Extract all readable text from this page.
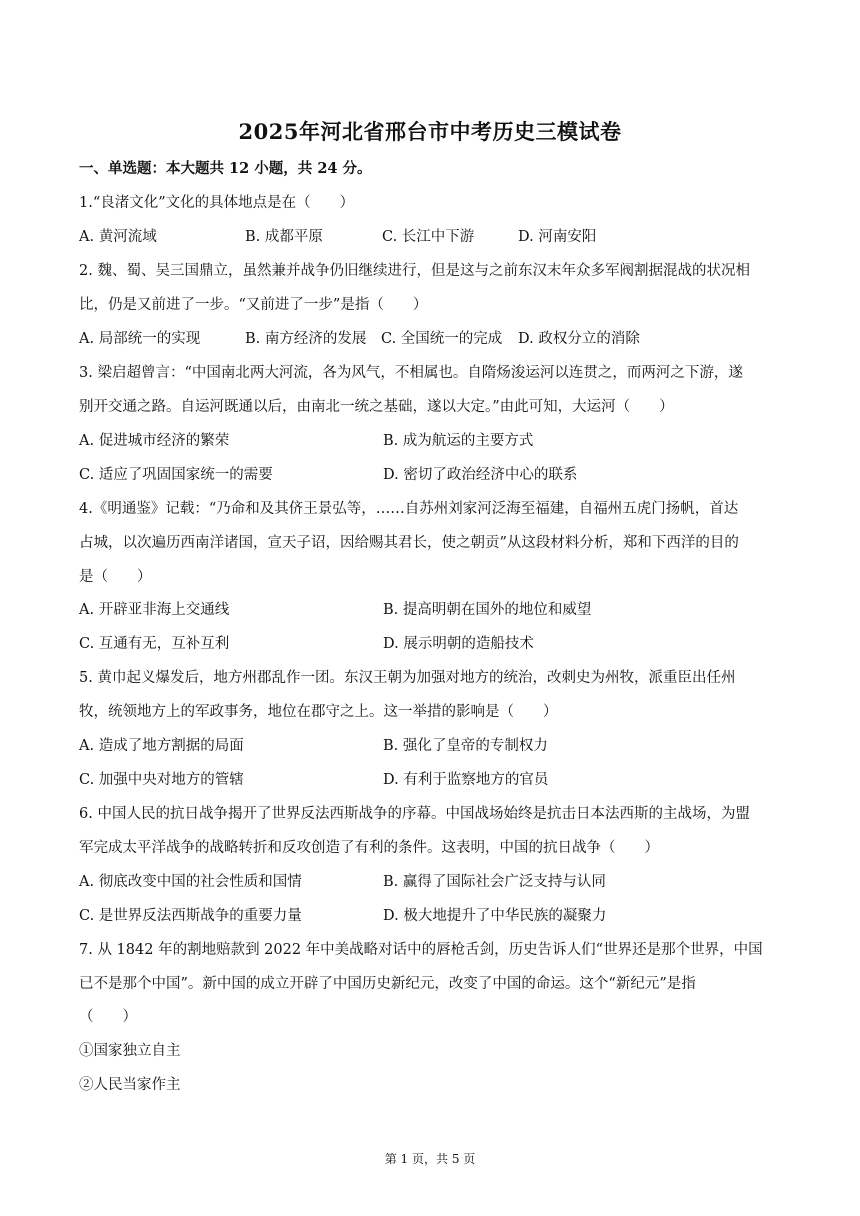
2025年河北省邢台市中考历史三模试卷
一、单选题：本大题共 12 小题，共 24 分。
1.“良渚文化”文化的具体地点是在（　　）
A. 黄河流域	B. 成都平原	C. 长江中下游	D. 河南安阳
2. 魏、蜀、吴三国鼎立，虽然兼并战争仍旧继续进行，但是这与之前东汉末年众多军阀割据混战的状况相
比，仍是又前进了一步。“又前进了一步”是指（　　）
A. 局部统一的实现	B. 南方经济的发展 C. 全国统一的完成 D. 政权分立的消除
3. 梁启超曾言：“中国南北两大河流，各为风气，不相属也。自隋炀浚运河以连贯之，而两河之下游，遂
别开交通之路。自运河既通以后，由南北一统之基础，遂以大定。”由此可知，大运河（　　）
A. 促进城市经济的繁荣	B. 成为航运的主要方式
C. 适应了巩固国家统一的需要	D. 密切了政治经济中心的联系
4.《明通鉴》记载：“乃命和及其侪王景弘等，……自苏州刘家河泛海至福建，自福州五虎门扬帆，首达
占城，以次遍历西南洋诸国，宣天子诏，因给赐其君长，使之朝贡”从这段材料分析，郑和下西洋的目的
是（　　）
A. 开辟亚非海上交通线	B. 提高明朝在国外的地位和威望
C. 互通有无，互补互利	D. 展示明朝的造船技术
5. 黄巾起义爆发后，地方州郡乱作一团。东汉王朝为加强对地方的统治，改刺史为州牧，派重臣出任州
牧，统领地方上的军政事务，地位在郡守之上。这一举措的影响是（　　）
A. 造成了地方割据的局面	B. 强化了皇帝的专制权力
C. 加强中央对地方的管辖	D. 有利于监察地方的官员
6. 中国人民的抗日战争揭开了世界反法西斯战争的序幕。中国战场始终是抗击日本法西斯的主战场，为盟
军完成太平洋战争的战略转折和反攻创造了有利的条件。这表明，中国的抗日战争（　　）
A. 彻底改变中国的社会性质和国情	B. 赢得了国际社会广泛支持与认同
C. 是世界反法西斯战争的重要力量	D. 极大地提升了中华民族的凝聚力
7. 从 1842 年的割地赔款到 2022 年中美战略对话中的唇枪舌剑，历史告诉人们“世界还是那个世界，中国
已不是那个中国”。新中国的成立开辟了中国历史新纪元，改变了中国的命运。这个“新纪元”是指
（　　）
①国家独立自主
②人民当家作主
第 1 页，共 5 页
